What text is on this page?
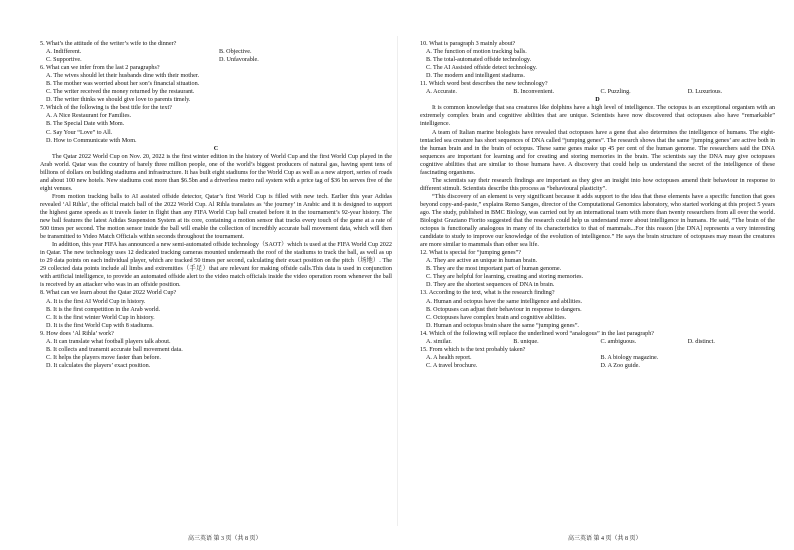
5. What’s the attitude of the writer’s wife to the dinner?
A. Indifferent.	B. Objective.
C. Supportive.	D. Unfavorable.
6. What can we infer from the last 2 paragraphs?
A. The wives should let their husbands dine with their mother.
B. The mother was worried about her son’s financial situation.
C. The writer received the money returned by the restaurant.
D. The writer thinks we should give love to parents timely.
7. Which of the following is the best title for the text?
A. A Nice Restaurant for Families.
B. The Special Date with Mom.
C. Say Your “Love” to All.
D. How to Communicate with Mom.
C

The Qatar 2022 World Cup on Nov. 20, 2022 is the first winter edition in the history of World Cup and the first World Cup played in the Arab world. Qatar was the country of barely three million people, one of the world’s biggest producers of natural gas, having spent tens of billions of dollars on building stadiums and infrastructure. It has built eight stadiums for the World Cup as well as a new airport, series of roads and about 100 new hotels. New stadiums cost more than $6.5bn and a driverless metro rail system with a price tag of $36 bn serves five of the eight venues.

From motion tracking balls to AI assisted offside detector, Qatar’s first World Cup is filled with new tech. Earlier this year Adidas revealed ‘Al Rihla’, the official match ball of the 2022 World Cup. Al Rihla translates as ‘the journey’ in Arabic and it is designed to support the highest game speeds as it travels faster in flight than any FIFA World Cup ball created before it in the tournament’s 92-year history. The new ball features the latest Adidas Suspension System at its core, containing a motion sensor that tracks every touch of the game at a rate of 500 times per second. The motion sensor inside the ball will enable the collection of incredibly accurate ball movement data, which will then be transmitted to Video Match Officials within seconds throughout the tournament.

In addition, this year FIFA has announced a new semi-automated offside technology（SAOT）which is used at the FIFA World Cup 2022 in Qatar. The new technology uses 12 dedicated tracking cameras mounted underneath the roof of the stadiums to track the ball, as well as up to 29 data points on each individual player, which are tracked 50 times per second, calculating their exact position on the pitch（场地）. The 29 collected data points include all limbs and extremities（手足）that are relevant for making offside calls.This data is used in conjunction with artificial intelligence, to provide an automated offside alert to the video match officials inside the video operation room whenever the ball is received by an attacker who was in an offside position.

8. What can we learn about the Qatar 2022 World Cup?
A. It is the first AI World Cup in history.
B. It is the first competition in the Arab world.
C. It is the first winter World Cup in history.
D. It is the first World Cup with 8 stadiums.
9. How does ‘Al Rihla’ work?
A. It can translate what football players talk about.
B. It collects and transmit accurate ball movement data.
C. It helps the players move faster than before.
D. It calculates the players’ exact position.
10. What is paragraph 3 mainly about?
A. The function of motion tracking balls.
B. The total-automated offside technology.
C. The AI Assisted offside detect technology.
D. The modern and intelligent stadiums.
11. Which word best describes the new technology?
A. Accurate.	B. Inconvenient.	C. Puzzling.	D. Luxurious.
D

It is common knowledge that sea creatures like dolphins have a high level of intelligence. The octopus is an exceptional organism with an extremely complex brain and cognitive abilities that are unique. Scientists have now discovered that octopuses also have “remarkable” intelligence.

A team of Italian marine biologists have revealed that octopuses have a gene that also determines the intelligence of humans. The eight-tentacled sea creature has short sequences of DNA called “jumping genes”. The research shows that the same ‘jumping genes’ are active both in the human brain and in the brain of octopus. These same genes make up 45 per cent of the human genome. The researchers said the DNA sequences are important for learning and for creating and storing memories in the brain. The scientists say the DNA may give octopuses cognitive abilities that are similar to those humans have. A discovery that could help us understand the secret of the intelligence of these fascinating organisms.

The scientists say their research findings are important as they give an insight into how octopuses amend their behaviour in response to different stimuli. Scientists describe this process as “behavioural plasticity”.

“This discovery of an element is very significant because it adds support to the idea that these elements have a specific function that goes beyond copy-and-paste,” explains Remo Sanges, director of the Computational Genomics laboratory, who started working at this project 5 years ago. The study, published in BMC Biology, was carried out by an international team with more than twenty researchers from all over the world. Biologist Graziano Fiorito suggested that the research could help us understand more about intelligence in humans. He said, “The brain of the octopus is functionally analogous in many of its characteristics to that of mammals...For this reason [the DNA] represents a very interesting candidate to study to improve our knowledge of the evolution of intelligence.” He says the brain structure of octopuses may mean the creatures are more similar to mammals than other sea life.

12. What is special for “jumping genes”?
A. They are active an unique in human brain.
B. They are the most important part of human genome.
C. They are helpful for learning, creating and storing memories.
D. They are the shortest sequences of DNA in brain.
13. According to the text, what is the research finding?
A. Human and octopus have the same intelligence and abilities.
B. Octopuses can adjust their behaviour in response to dangers.
C. Octopuses have complex brain and cognitive abilities.
D. Human and octopus brain share the same “jumping genes”.
14. Which of the following will replace the underlined word “analogous” in the last paragraph?
A. similar.	B. unique.	C. ambiguous.	D. distinct.
15. From which is the text probably taken?
A. A health report.	B. A biology magazine.
C. A travel brochure.	D. A Zoo guide.
高三英语 第 3 页（共 8 页）	高三英语 第 4 页（共 8 页）
